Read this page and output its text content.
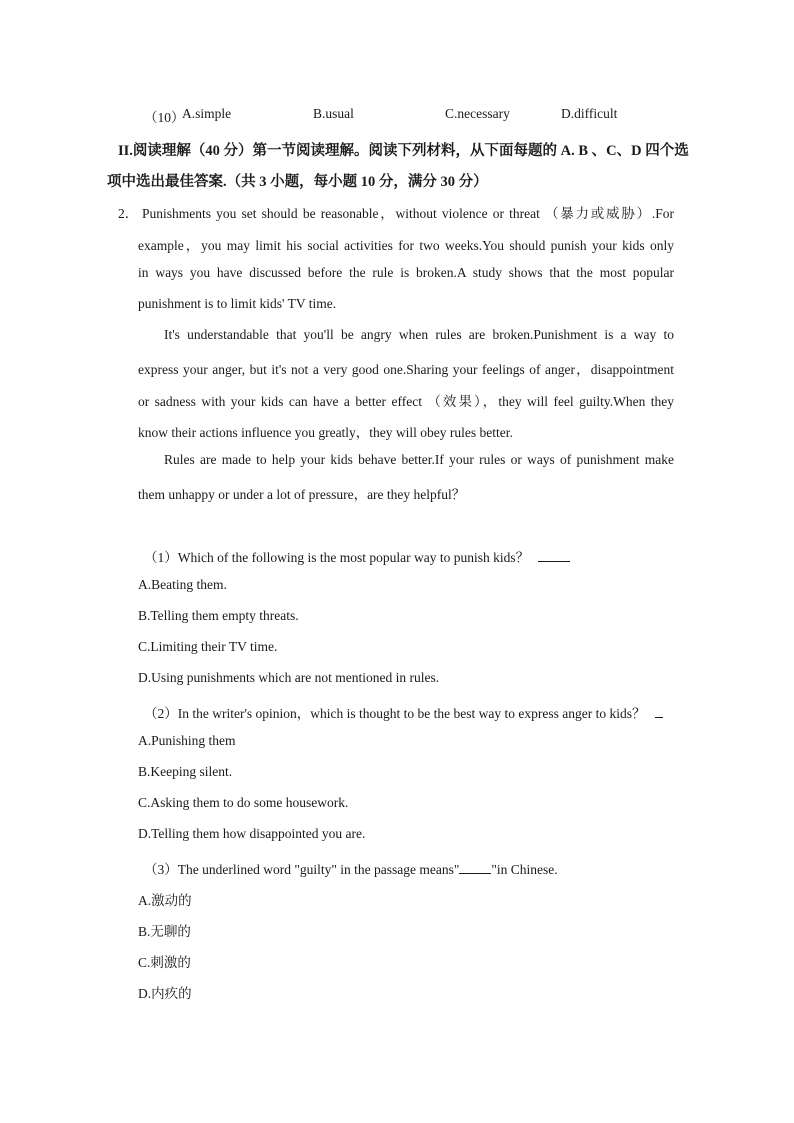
（10）
A.simple	B.usual	C.necessary	D.difficult
II.阅读理解（40 分）第一节阅读理解。阅读下列材料，从下面每题的 A. B 、C、D 四个选
项中选出最佳答案.（共 3 小题，每小题 10 分，满分 30 分）
2． Punishments you set should be reasonable，without violence or threat （暴力或威胁）.For
example，you may limit his social activities for two weeks.You should punish your kids only
in ways you have discussed before the rule is broken.A study shows that the most popular
punishment is to limit kids' TV time.
It's understandable that you'll be angry when rules are broken.Punishment is a way to
express your anger, but it's not a very good one.Sharing your feelings of anger，disappointment
or sadness with your kids can have a better effect （效果），they will feel guilty.When they
know their actions influence you greatly，they will obey rules better.
Rules are made to help your kids behave better.If your rules or ways of punishment make
them unhappy or under a lot of pressure，are they helpful？
（1）Which of the following is the most popular way to punish kids？
A.Beating them.
B.Telling them empty threats.
C.Limiting their TV time.
D.Using punishments which are not mentioned in rules.
（2）In the writer's opinion，which is thought to be the best way to express anger to kids？
A.Punishing them
B.Keeping silent.
C.Asking them to do some housework.
D.Telling them how disappointed you are.
（3）The underlined word "guilty" in the passage means" "in Chinese.
A.激动的
B.无聊的
C.刺激的
D.内疚的
